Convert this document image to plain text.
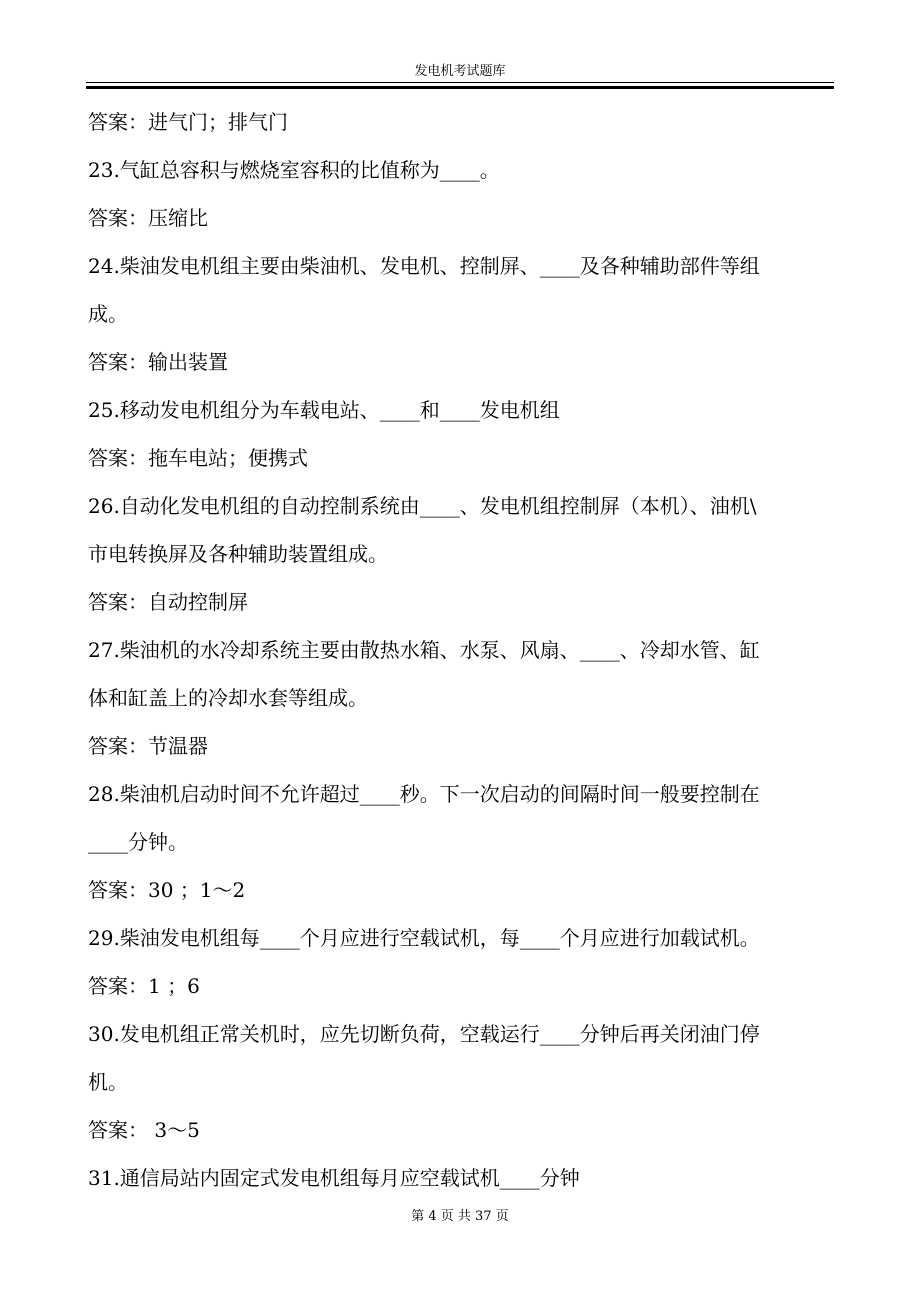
发电机考试题库

答案：进气门；排气门

23.气缸总容积与燃烧室容积的比值称为____。

答案：压缩比

24.柴油发电机组主要由柴油机、发电机、控制屏、____及各种辅助部件等组

成。

答案：输出装置

25.移动发电机组分为车载电站、____和____发电机组

答案：拖车电站；便携式

26.自动化发电机组的自动控制系统由____、发电机组控制屏（本机）、油机\

市电转换屏及各种辅助装置组成。

答案：自动控制屏

27.柴油机的水冷却系统主要由散热水箱、水泵、风扇、____、冷却水管、缸

体和缸盖上的冷却水套等组成。

答案：节温器

28.柴油机启动时间不允许超过____秒。下一次启动的间隔时间一般要控制在

____分钟。

答案：30 ；1～2

29.柴油发电机组每____个月应进行空载试机，每____个月应进行加载试机。

答案：1 ；6

30.发电机组正常关机时，应先切断负荷，空载运行____分钟后再关闭油门停

机。

答案： 3～5

31.通信局站内固定式发电机组每月应空载试机____分钟

第 4 页 共 37 页
